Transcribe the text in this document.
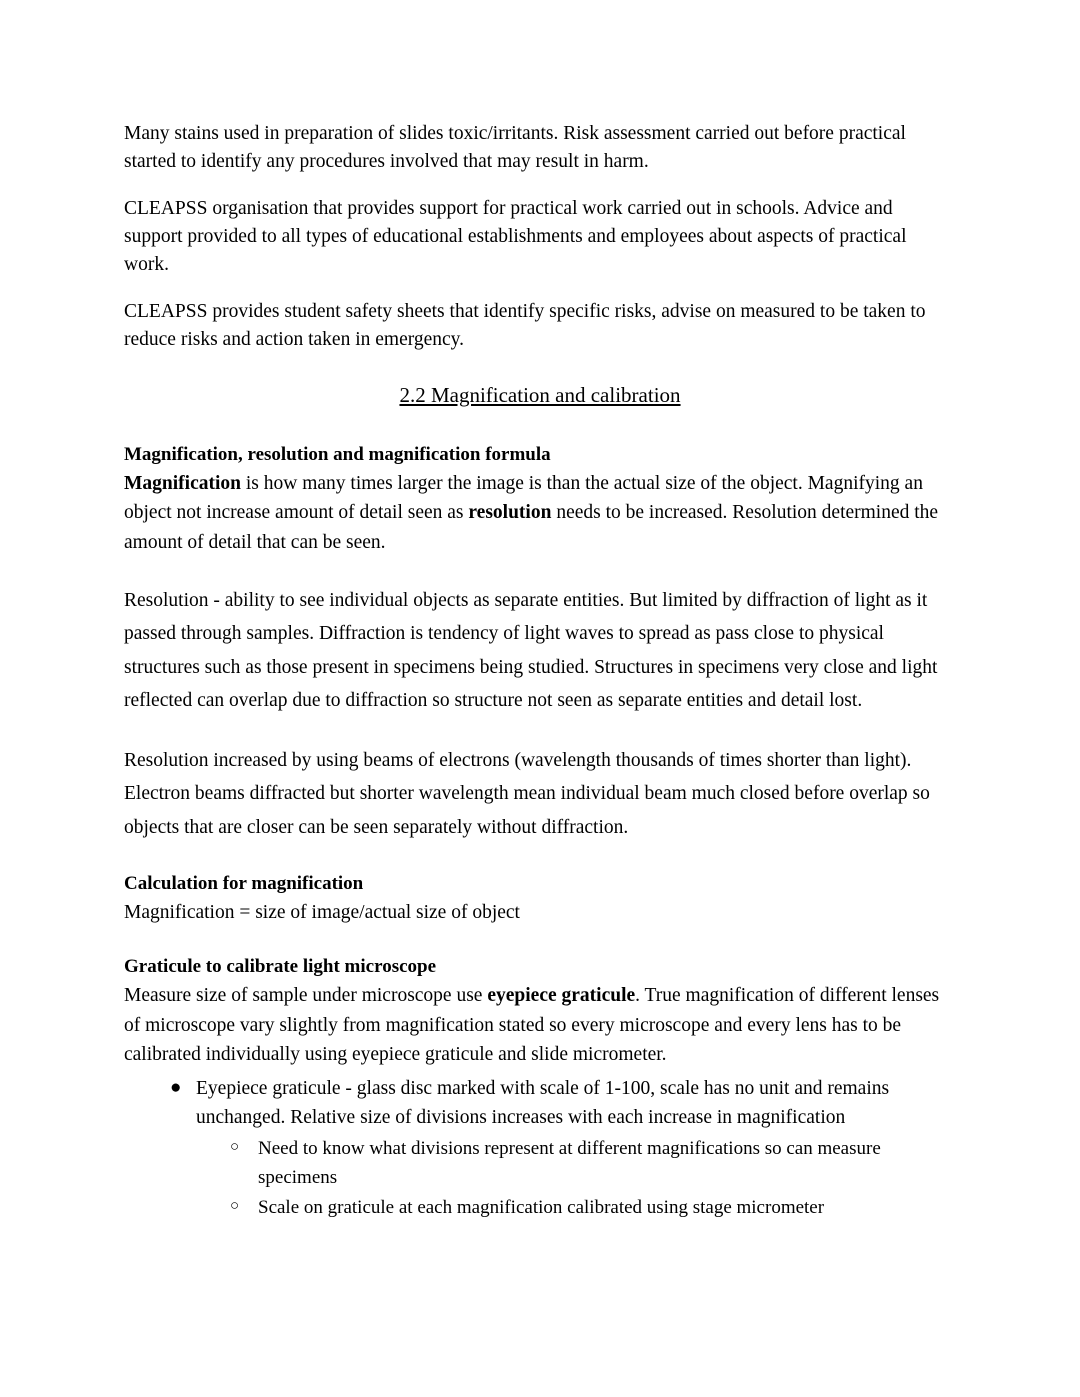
Many stains used in preparation of slides toxic/irritants. Risk assessment carried out before practical started to identify any procedures involved that may result in harm.

CLEAPSS organisation that provides support for practical work carried out in schools. Advice and support provided to all types of educational establishments and employees about aspects of practical work.

CLEAPSS provides student safety sheets that identify specific risks, advise on measured to be taken to reduce risks and action taken in emergency.

2.2 Magnification and calibration

Magnification, resolution and magnification formula

Magnification is how many times larger the image is than the actual size of the object. Magnifying an object not increase amount of detail seen as resolution needs to be increased. Resolution determined the amount of detail that can be seen.

Resolution - ability to see individual objects as separate entities. But limited by diffraction of light as it passed through samples. Diffraction is tendency of light waves to spread as pass close to physical structures such as those present in specimens being studied. Structures in specimens very close and light reflected can overlap due to diffraction so structure not seen as separate entities and detail lost.

Resolution increased by using beams of electrons (wavelength thousands of times shorter than light). Electron beams diffracted but shorter wavelength mean individual beam much closed before overlap so objects that are closer can be seen separately without diffraction.

Calculation for magnification

Magnification = size of image/actual size of object

Graticule to calibrate light microscope

Measure size of sample under microscope use eyepiece graticule. True magnification of different lenses of microscope vary slightly from magnification stated so every microscope and every lens has to be calibrated individually using eyepiece graticule and slide micrometer.

● Eyepiece graticule - glass disc marked with scale of 1-100, scale has no unit and remains unchanged. Relative size of divisions increases with each increase in magnification
○ Need to know what divisions represent at different magnifications so can measure specimens
○ Scale on graticule at each magnification calibrated using stage micrometer
